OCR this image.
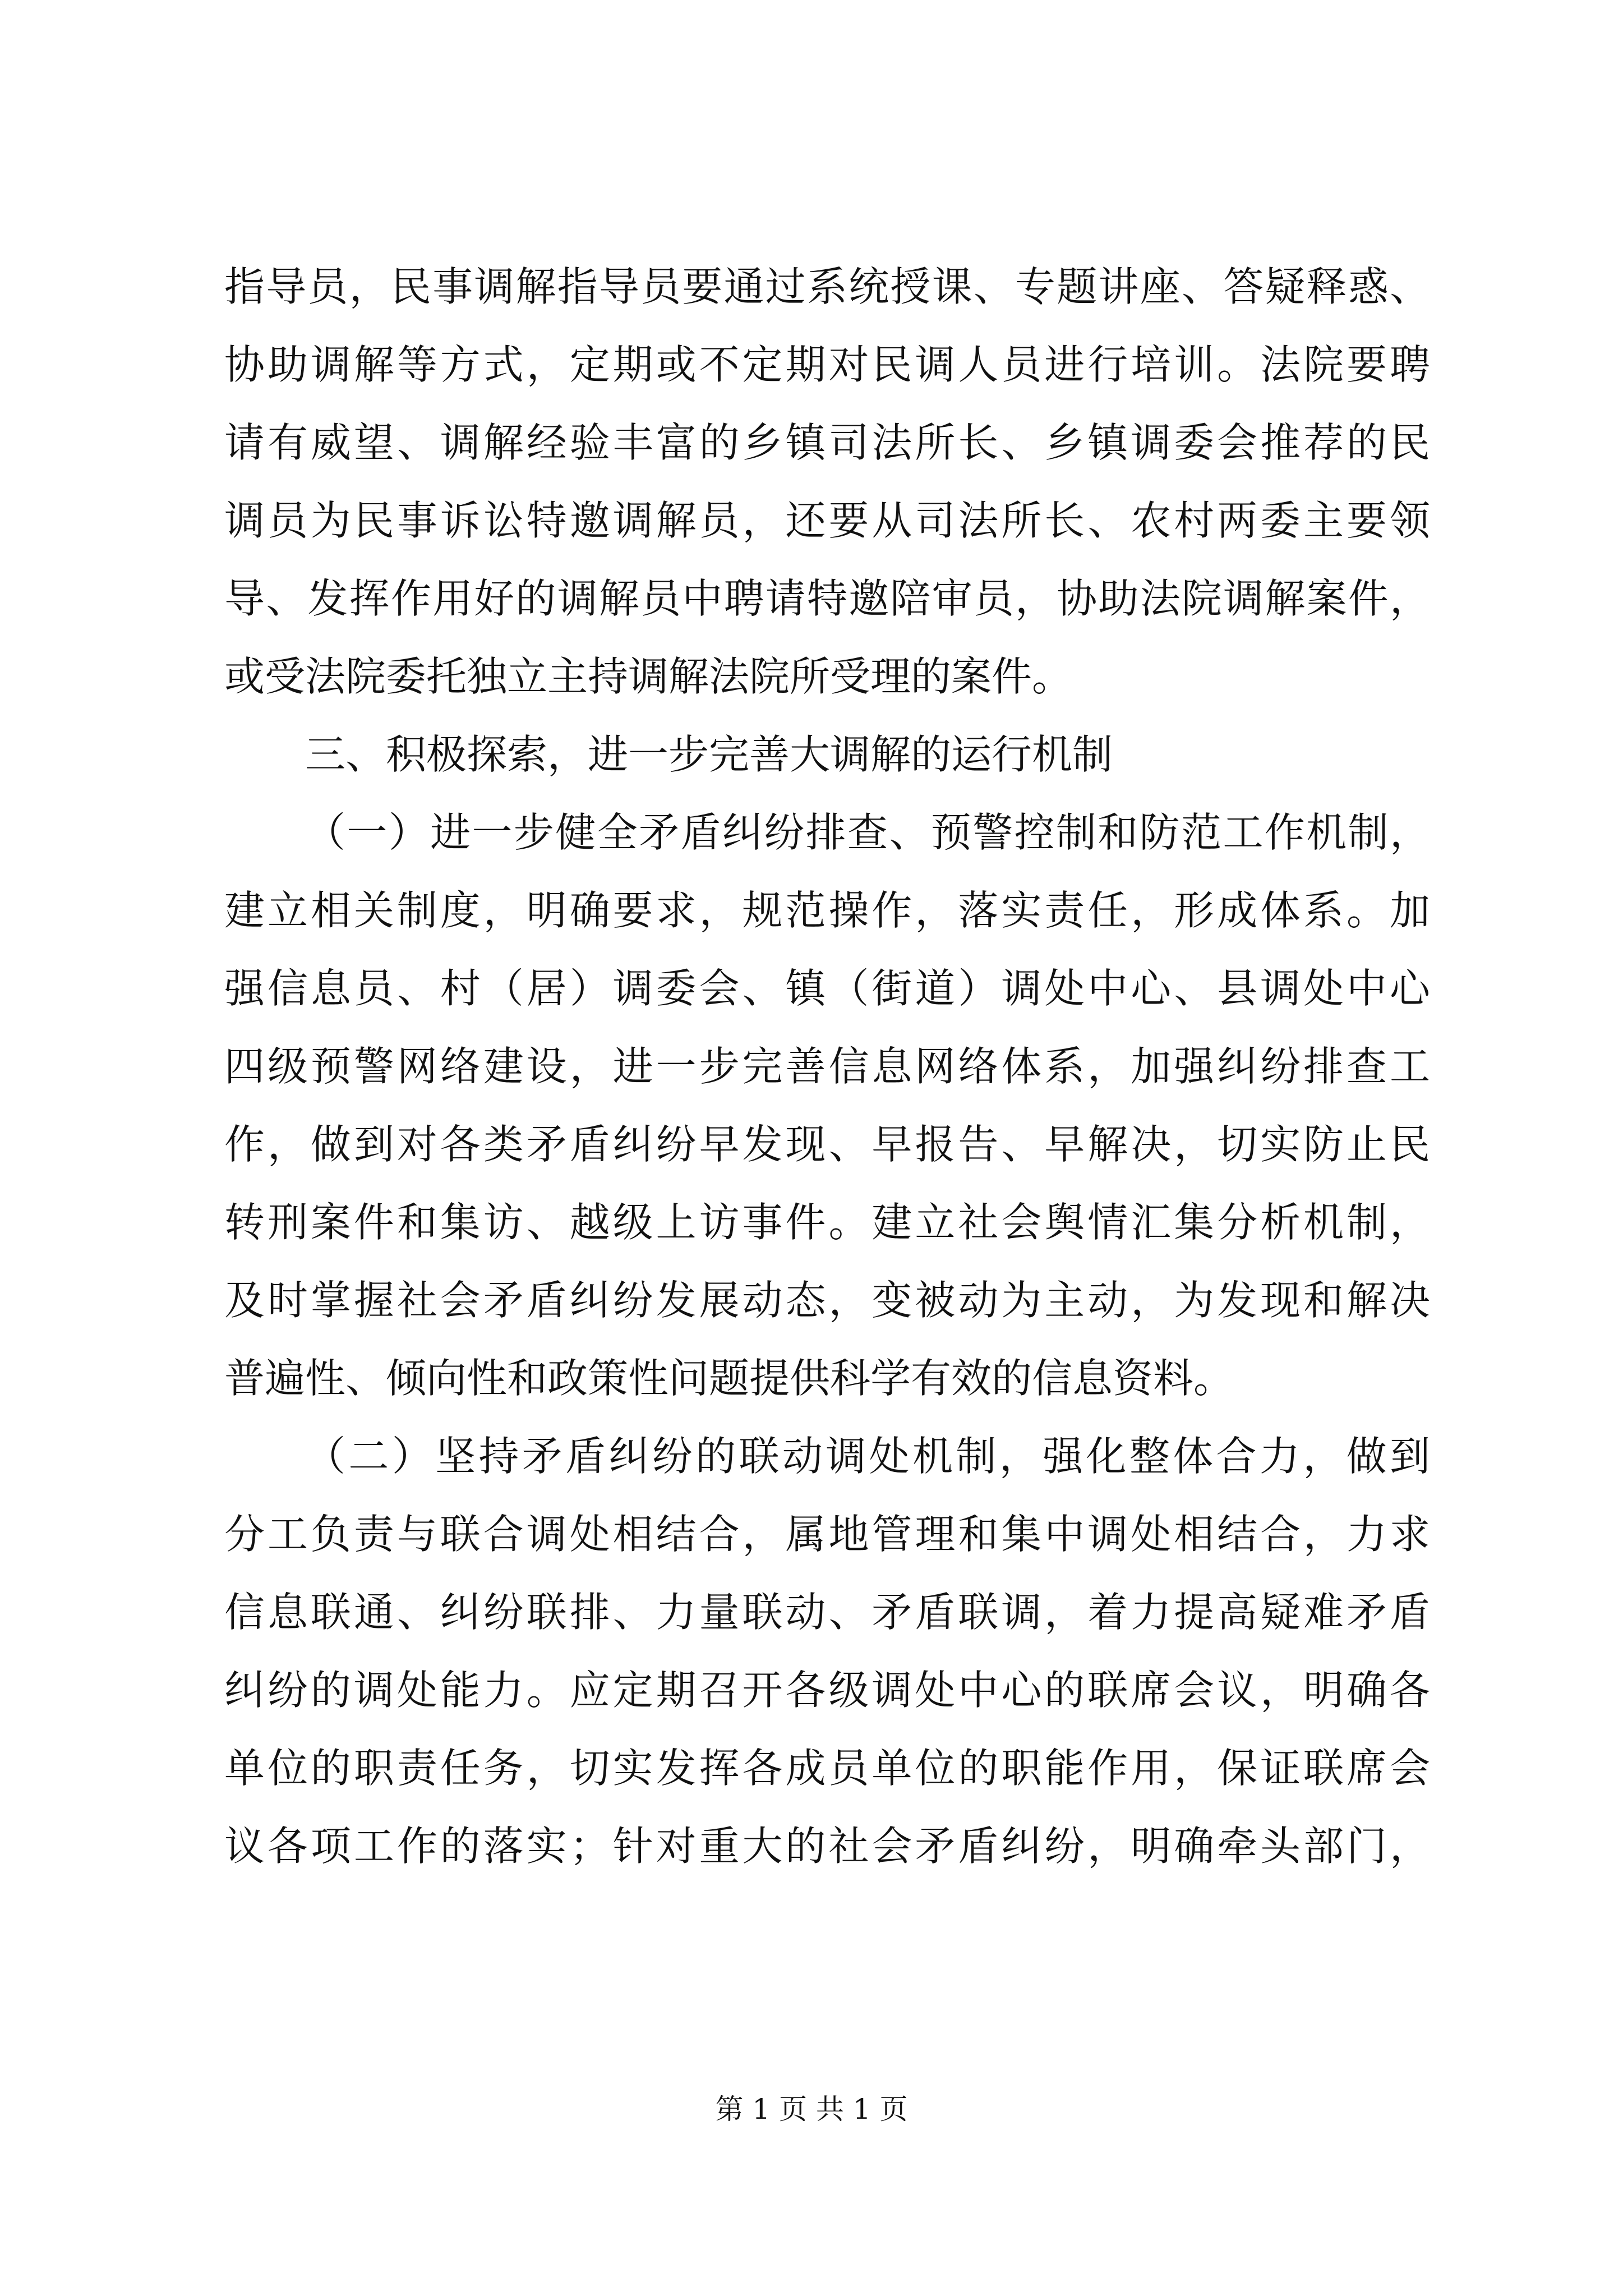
指导员，民事调解指导员要通过系统授课、专题讲座、答疑释惑、
协助调解等方式，定期或不定期对民调人员进行培训。法院要聘
请有威望、调解经验丰富的乡镇司法所长、乡镇调委会推荐的民
调员为民事诉讼特邀调解员，还要从司法所长、农村两委主要领
导、发挥作用好的调解员中聘请特邀陪审员，协助法院调解案件，
或受法院委托独立主持调解法院所受理的案件。
三、积极探索，进一步完善大调解的运行机制
（一）进一步健全矛盾纠纷排查、预警控制和防范工作机制，
建立相关制度，明确要求，规范操作，落实责任，形成体系。加
强信息员、村（居）调委会、镇（街道）调处中心、县调处中心
四级预警网络建设，进一步完善信息网络体系，加强纠纷排查工
作，做到对各类矛盾纠纷早发现、早报告、早解决，切实防止民
转刑案件和集访、越级上访事件。建立社会舆情汇集分析机制，
及时掌握社会矛盾纠纷发展动态，变被动为主动，为发现和解决
普遍性、倾向性和政策性问题提供科学有效的信息资料。
（二）坚持矛盾纠纷的联动调处机制，强化整体合力，做到
分工负责与联合调处相结合，属地管理和集中调处相结合，力求
信息联通、纠纷联排、力量联动、矛盾联调，着力提高疑难矛盾
纠纷的调处能力。应定期召开各级调处中心的联席会议，明确各
单位的职责任务，切实发挥各成员单位的职能作用，保证联席会
议各项工作的落实；针对重大的社会矛盾纠纷，明确牵头部门，
第 1 页 共 1 页
